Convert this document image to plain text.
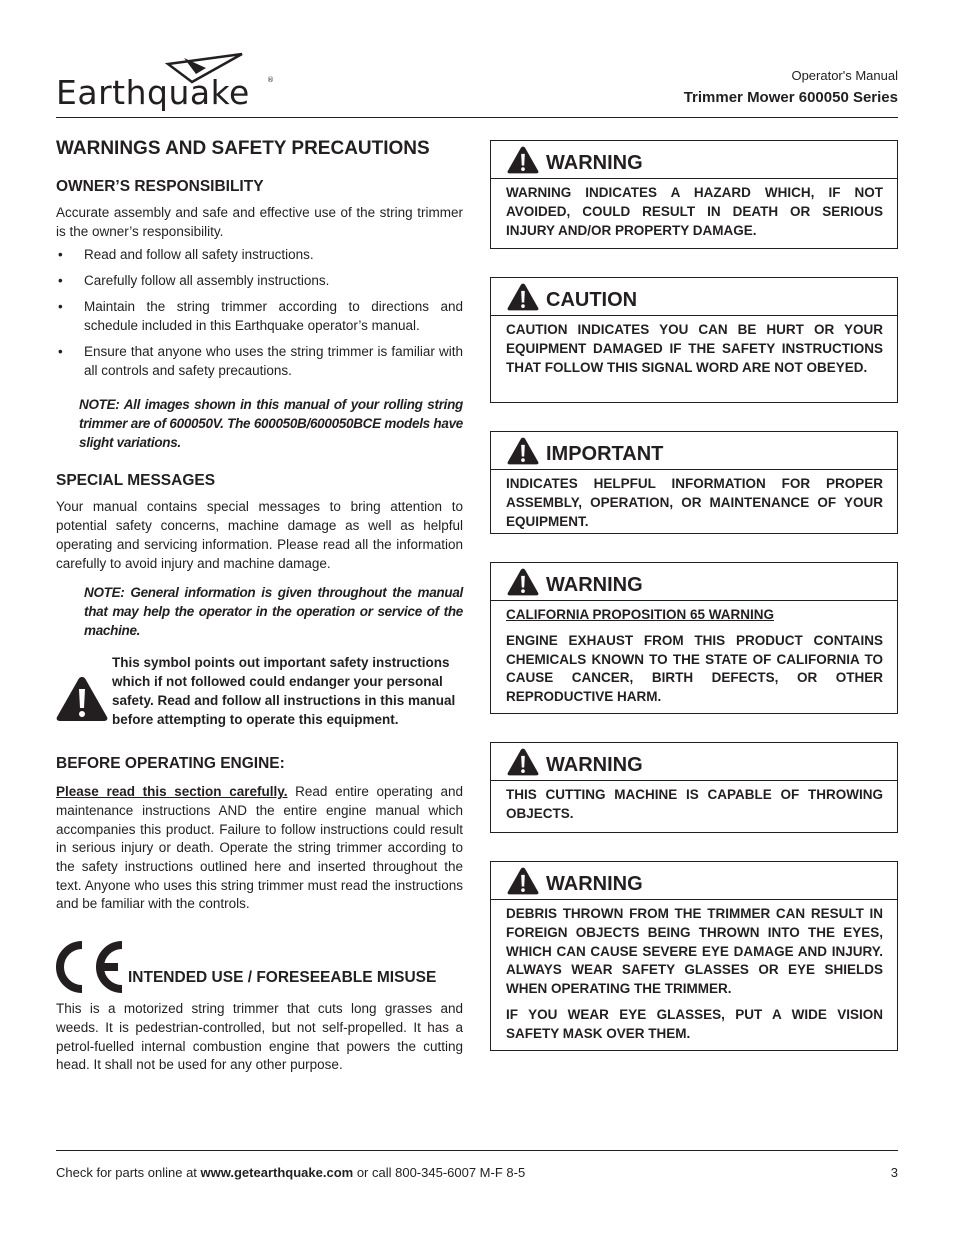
Earthquake ®	Operator's Manual
Trimmer Mower 600050 Series
WARNINGS AND SAFETY PRECAUTIONS
OWNER’S RESPONSIBILITY
Accurate assembly and safe and effective use of the string trimmer is the owner’s responsibility.
• Read and follow all safety instructions.
• Carefully follow all assembly instructions.
• Maintain the string trimmer according to directions and schedule included in this Earthquake operator’s manual.
• Ensure that anyone who uses the string trimmer is familiar with all controls and safety precautions.
NOTE: All images shown in this manual of your rolling string trimmer are of 600050V. The 600050B/600050BCE models have slight variations.
SPECIAL MESSAGES
Your manual contains special messages to bring attention to potential safety concerns, machine damage as well as helpful operating and servicing information. Please read all the information carefully to avoid injury and machine damage.
NOTE: General information is given throughout the manual that may help the operator in the operation or service of the machine.
This symbol points out important safety instructions which if not followed could endanger your personal safety. Read and follow all instructions in this manual before attempting to operate this equipment.
BEFORE OPERATING ENGINE:
Please read this section carefully. Read entire operating and maintenance instructions AND the entire engine manual which accompanies this product. Failure to follow instructions could result in serious injury or death. Operate the string trimmer according to the safety instructions outlined here and inserted throughout the text. Anyone who uses this string trimmer must read the instructions and be familiar with the controls.
INTENDED USE / FORESEEABLE MISUSE
This is a motorized string trimmer that cuts long grasses and weeds. It is pedestrian-controlled, but not self-propelled. It has a petrol-fuelled internal combustion engine that powers the cutting head. It shall not be used for any other purpose.
WARNING
WARNING INDICATES A HAZARD WHICH, IF NOT AVOIDED, COULD RESULT IN DEATH OR SERIOUS INJURY AND/OR PROPERTY DAMAGE.
CAUTION
CAUTION INDICATES YOU CAN BE HURT OR YOUR EQUIPMENT DAMAGED IF THE SAFETY INSTRUCTIONS THAT FOLLOW THIS SIGNAL WORD ARE NOT OBEYED.
IMPORTANT
INDICATES HELPFUL INFORMATION FOR PROPER ASSEMBLY, OPERATION, OR MAINTENANCE OF YOUR EQUIPMENT.
WARNING
CALIFORNIA PROPOSITION 65 WARNING
ENGINE EXHAUST FROM THIS PRODUCT CONTAINS CHEMICALS KNOWN TO THE STATE OF CALIFORNIA TO CAUSE CANCER, BIRTH DEFECTS, OR OTHER REPRODUCTIVE HARM.
WARNING
THIS CUTTING MACHINE IS CAPABLE OF THROWING OBJECTS.
WARNING
DEBRIS THROWN FROM THE TRIMMER CAN RESULT IN FOREIGN OBJECTS BEING THROWN INTO THE EYES, WHICH CAN CAUSE SEVERE EYE DAMAGE AND INJURY. ALWAYS WEAR SAFETY GLASSES OR EYE SHIELDS WHEN OPERATING THE TRIMMER.
IF YOU WEAR EYE GLASSES, PUT A WIDE VISION SAFETY MASK OVER THEM.
Check for parts online at www.getearthquake.com or call 800-345-6007 M-F 8-5	3
